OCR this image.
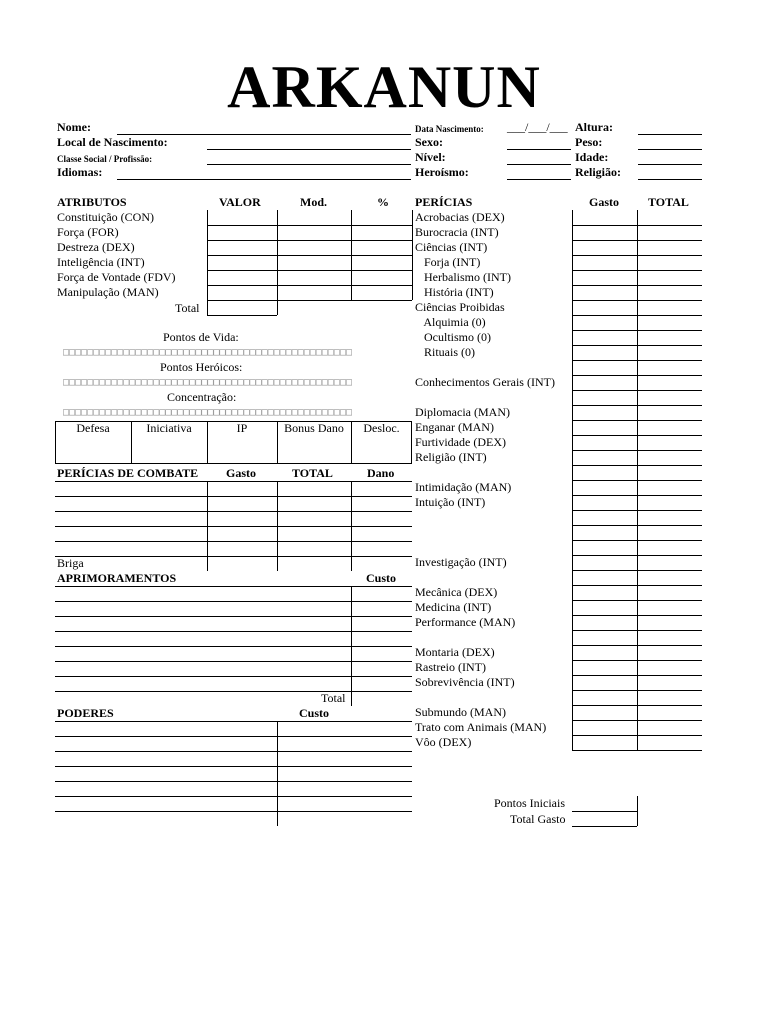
ARKANUN
Nome:
Local de Nascimento:
Classe Social / Profissão:
Idiomas:
Data Nascimento: ___/___/___
Sexo:
Nível:
Heroísmo:
Altura:
Peso:
Idade:
Religião:
ATRIBUTOS	VALOR	Mod.	%
Constituição (CON)
Força (FOR)
Destreza (DEX)
Inteligência (INT)
Força de Vontade (FDV)
Manipulação (MAN)
Total
Pontos de Vida:
□□□□□□□□□□□□□□□□□□□□□□□□□□□□□□□□□□□□□□□□□□□□□□□□
Pontos Heróicos:
□□□□□□□□□□□□□□□□□□□□□□□□□□□□□□□□□□□□□□□□□□□□□□□□
Concentração:
□□□□□□□□□□□□□□□□□□□□□□□□□□□□□□□□□□□□□□□□□□□□□□□□
Defesa	Iniciativa	IP	Bonus Dano	Desloc.
PERÍCIAS DE COMBATE	Gasto	TOTAL	Dano
Briga
APRIMORAMENTOS	Custo
Total
PODERES	Custo
PERÍCIAS	Gasto TOTAL
Acrobacias (DEX)
Burocracia (INT)
Ciências (INT)
Forja (INT)
Herbalismo (INT)
História (INT)
Ciências Proibidas
Alquimia (0)
Ocultismo (0)
Rituais (0)
Conhecimentos Gerais (INT)
Diplomacia (MAN)
Enganar (MAN)
Furtividade (DEX)
Religião (INT)
Intimidação (MAN)
Intuição (INT)
Investigação (INT)
Mecânica (DEX)
Medicina (INT)
Performance (MAN)
Montaria (DEX)
Rastreio (INT)
Sobrevivência (INT)
Submundo (MAN)
Trato com Animais (MAN)
Vôo (DEX)
Pontos Iniciais
Total Gasto
